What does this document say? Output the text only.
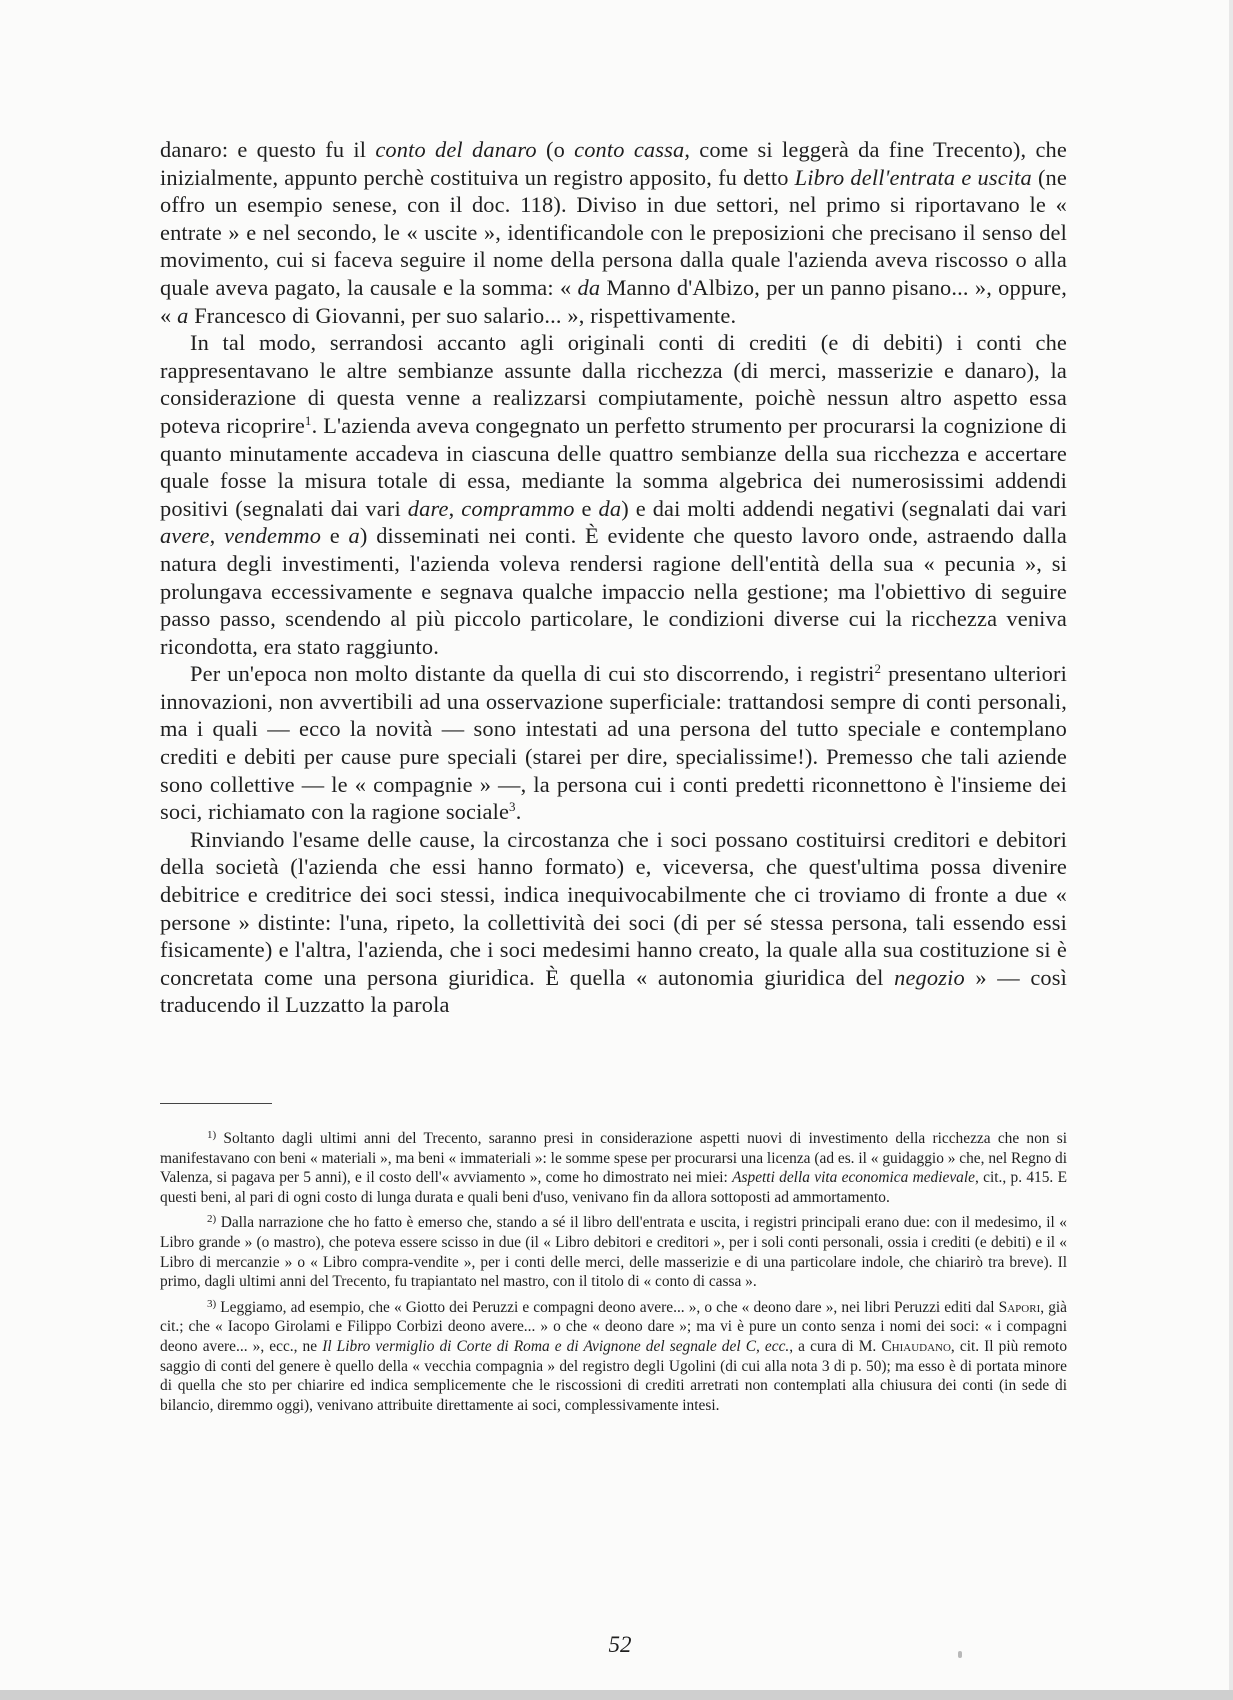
danaro: e questo fu il conto del danaro (o conto cassa, come si leggerà da fine Trecento), che inizialmente, appunto perchè costituiva un registro apposito, fu detto Libro dell'entrata e uscita (ne offro un esempio senese, con il doc. 118). Diviso in due settori, nel primo si riportavano le « entrate » e nel secondo, le « uscite », identificandole con le preposizioni che precisano il senso del movimento, cui si faceva seguire il nome della persona dalla quale l'azienda aveva riscosso o alla quale aveva pagato, la causale e la somma: « da Manno d'Albizo, per un panno pisano... », oppure, « a Francesco di Giovanni, per suo salario... », rispettivamente.

In tal modo, serrandosi accanto agli originali conti di crediti (e di debiti) i conti che rappresentavano le altre sembianze assunte dalla ricchezza (di merci, masserizie e danaro), la considerazione di questa venne a realizzarsi compiutamente, poichè nessun altro aspetto essa poteva ricoprire$^1$. L'azienda aveva congegnato un perfetto strumento per procurarsi la cognizione di quanto minutamente accadeva in ciascuna delle quattro sembianze della sua ricchezza e accertare quale fosse la misura totale di essa, mediante la somma algebrica dei numerosissimi addendi positivi (segnalati dai vari dare, comprammo e da) e dai molti addendi negativi (segnalati dai vari avere, vendemmo e a) disseminati nei conti. È evidente che questo lavoro onde, astraendo dalla natura degli investimenti, l'azienda voleva rendersi ragione dell'entità della sua « pecunia », si prolungava eccessivamente e segnava qualche impaccio nella gestione; ma l'obiettivo di seguire passo passo, scendendo al più piccolo particolare, le condizioni diverse cui la ricchezza veniva ricondotta, era stato raggiunto.

Per un'epoca non molto distante da quella di cui sto discorrendo, i registri$^2$ presentano ulteriori innovazioni, non avvertibili ad una osservazione superficiale: trattandosi sempre di conti personali, ma i quali — ecco la novità — sono intestati ad una persona del tutto speciale e contemplano crediti e debiti per cause pure speciali (starei per dire, specialissime!). Premesso che tali aziende sono collettive — le « compagnie » —, la persona cui i conti predetti riconnettono è l'insieme dei soci, richiamato con la ragione sociale$^3$.

Rinviando l'esame delle cause, la circostanza che i soci possano costituirsi creditori e debitori della società (l'azienda che essi hanno formato) e, viceversa, che quest'ultima possa divenire debitrice e creditrice dei soci stessi, indica inequivocabilmente che ci troviamo di fronte a due « persone » distinte: l'una, ripeto, la collettività dei soci (di per sé stessa persona, tali essendo essi fisicamente) e l'altra, l'azienda, che i soci medesimi hanno creato, la quale alla sua costituzione si è concretata come una persona giuridica. È quella « autonomia giuridica del negozio » — così traducendo il Luzzatto la parola

$^{1)}$ Soltanto dagli ultimi anni del Trecento, saranno presi in considerazione aspetti nuovi di investimento della ricchezza che non si manifestavano con beni « materiali », ma beni « immateriali »: le somme spese per procurarsi una licenza (ad es. il « guidaggio » che, nel Regno di Valenza, si pagava per 5 anni), e il costo dell'« avviamento », come ho dimostrato nei miei: Aspetti della vita economica medievale, cit., p. 415. E questi beni, al pari di ogni costo di lunga durata e quali beni d'uso, venivano fin da allora sottoposti ad ammortamento.

$^{2)}$ Dalla narrazione che ho fatto è emerso che, stando a sé il libro dell'entrata e uscita, i registri principali erano due: con il medesimo, il « Libro grande » (o mastro), che poteva essere scisso in due (il « Libro debitori e creditori », per i soli conti personali, ossia i crediti (e debiti) e il « Libro di mercanzie » o « Libro compra-vendite », per i conti delle merci, delle masserizie e di una particolare indole, che chiarirò tra breve). Il primo, dagli ultimi anni del Trecento, fu trapiantato nel mastro, con il titolo di « conto di cassa ».

$^{3)}$ Leggiamo, ad esempio, che « Giotto dei Peruzzi e compagni deono avere... », o che « deono dare », nei libri Peruzzi editi dal Sapori, già cit.; che « Iacopo Girolami e Filippo Corbizi deono avere... » o che « deono dare »; ma vi è pure un conto senza i nomi dei soci: « i compagni deono avere... », ecc., ne Il Libro vermiglio di Corte di Roma e di Avignone del segnale del C, ecc., a cura di M. Chiaudano, cit. Il più remoto saggio di conti del genere è quello della « vecchia compagnia » del registro degli Ugolini (di cui alla nota 3 di p. 50); ma esso è di portata minore di quella che sto per chiarire ed indica semplicemente che le riscossioni di crediti arretrati non contemplati alla chiusura dei conti (in sede di bilancio, diremmo oggi), venivano attribuite direttamente ai soci, complessivamente intesi.

52
